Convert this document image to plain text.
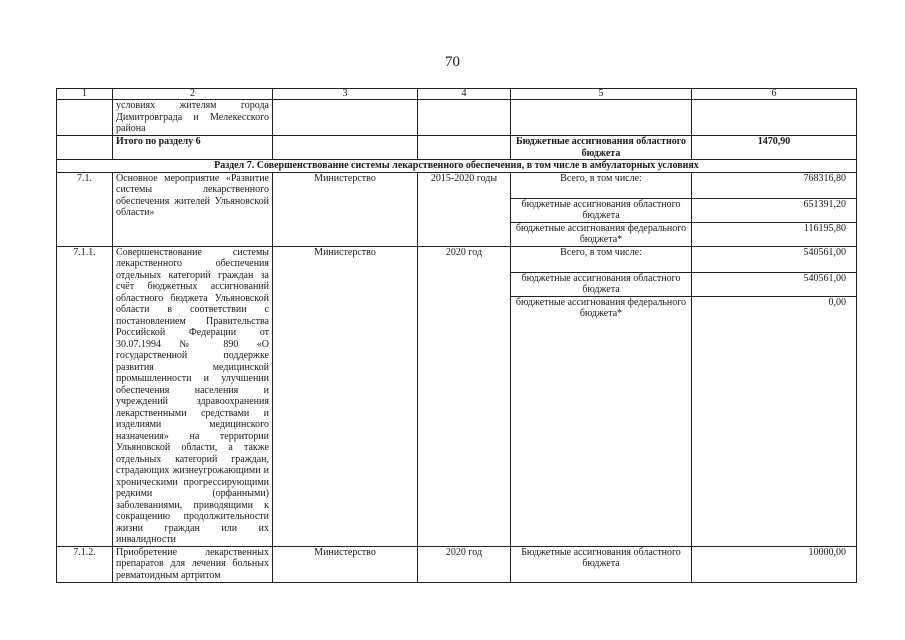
70
1	2	3	4	5	6
	условиях жителям города Димитровграда и Мелекесского района				
	Итого по разделу 6			Бюджетные ассигнования областного бюджета	1470,90
Раздел 7. Совершенствование системы лекарственного обеспечения, в том числе в амбулаторных условиях					
7.1.	Основное мероприятие «Развитие системы лекарственного обеспечения жителей Ульяновской области»	Министерство	2015-2020 годы	Всего, в том числе:	768316,80
				бюджетные ассигнования областного бюджета	651391,20
				бюджетные ассигнования федерального бюджета*	116195,80
7.1.1.	Совершенствование системы лекарственного обеспечения отдельных категорий граждан за счёт бюджетных ассигнований областного бюджета Ульяновской области в соответствии с постановлением Правительства Российской Федерации от 30.07.1994 № 890 «О государственной поддержке развития медицинской промышленности и улучшении обеспечения населения и учреждений здравоохранения лекарственными средствами и изделиями медицинского назначения» на территории Ульяновской области, а также отдельных категорий граждан, страдающих жизнеугрожающими и хроническими прогрессирующими редкими (орфанными) заболеваниями, приводящими к сокращению продолжительности жизни граждан или их инвалидности	Министерство	2020 год	Всего, в том числе:	540561,00
				бюджетные ассигнования областного бюджета	540561,00
				бюджетные ассигнования федерального бюджета*	0,00
7.1.2.	Приобретение лекарственных препаратов для лечения больных ревматоидным артритом	Министерство	2020 год	Бюджетные ассигнования областного бюджета	10000,00
